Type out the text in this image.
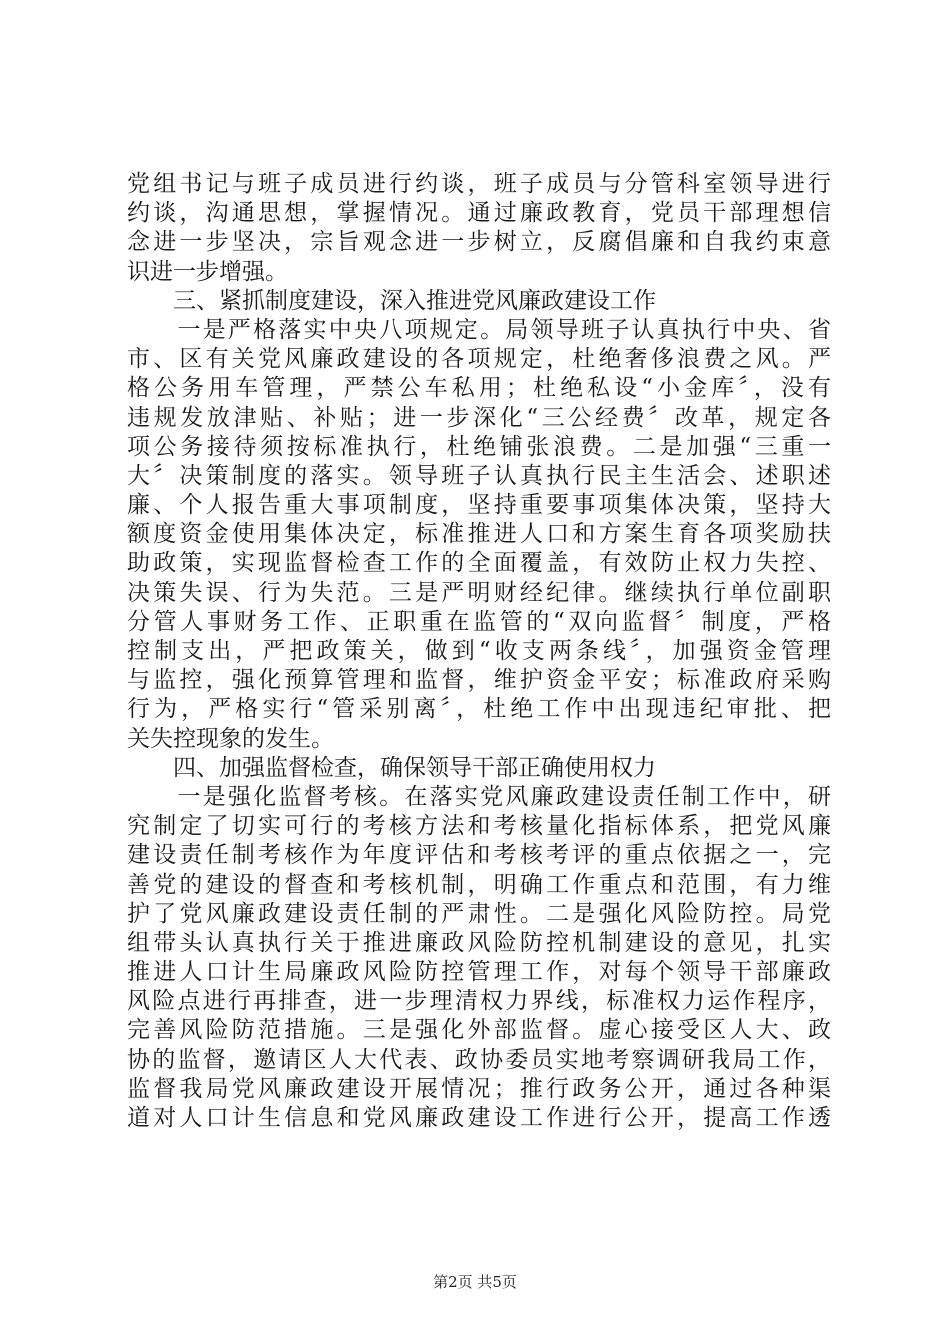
党组书记与班子成员进行约谈，班子成员与分管科室领导进行
约谈，沟通思想，掌握情况。通过廉政教育，党员干部理想信
念进一步坚决，宗旨观念进一步树立，反腐倡廉和自我约束意
识进一步增强。
　　三、紧抓制度建设，深入推进党风廉政建设工作
　　一是严格落实中央八项规定。局领导班子认真执行中央、省
市、区有关党风廉政建设的各项规定，杜绝奢侈浪费之风。严
格公务用车管理，严禁公车私用；杜绝私设“小金库〞，没有
违规发放津贴、补贴；进一步深化“三公经费〞改革，规定各
项公务接待须按标准执行，杜绝铺张浪费。二是加强“三重一
大〞决策制度的落实。领导班子认真执行民主生活会、述职述
廉、个人报告重大事项制度，坚持重要事项集体决策，坚持大
额度资金使用集体决定，标准推进人口和方案生育各项奖励扶
助政策，实现监督检查工作的全面覆盖，有效防止权力失控、
决策失误、行为失范。三是严明财经纪律。继续执行单位副职
分管人事财务工作、正职重在监管的“双向监督〞制度，严格
控制支出，严把政策关，做到“收支两条线〞，加强资金管理
与监控，强化预算管理和监督，维护资金平安；标准政府采购
行为，严格实行“管采别离〞，杜绝工作中出现违纪审批、把
关失控现象的发生。
　　四、加强监督检查，确保领导干部正确使用权力
　　一是强化监督考核。在落实党风廉政建设责任制工作中，研
究制定了切实可行的考核方法和考核量化指标体系，把党风廉
建设责任制考核作为年度评估和考核考评的重点依据之一，完
善党的建设的督查和考核机制，明确工作重点和范围，有力维
护了党风廉政建设责任制的严肃性。二是强化风险防控。局党
组带头认真执行关于推进廉政风险防控机制建设的意见，扎实
推进人口计生局廉政风险防控管理工作，对每个领导干部廉政
风险点进行再排查，进一步理清权力界线，标准权力运作程序，
完善风险防范措施。三是强化外部监督。虚心接受区人大、政
协的监督，邀请区人大代表、政协委员实地考察调研我局工作，
监督我局党风廉政建设开展情况；推行政务公开，通过各种渠
道对人口计生信息和党风廉政建设工作进行公开，提高工作透
第2页 共5页
